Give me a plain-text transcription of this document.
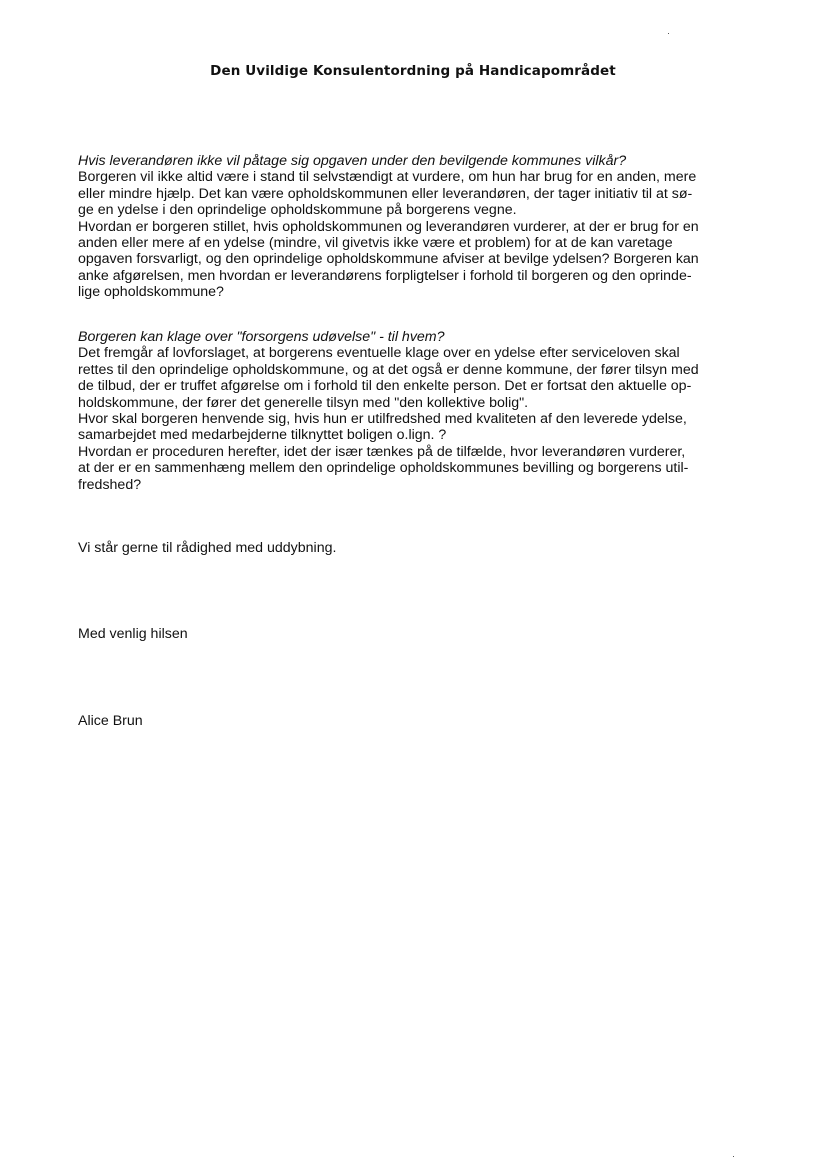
Den Uvildige Konsulentordning på Handicapområdet
Hvis leverandøren ikke vil påtage sig opgaven under den bevilgende kommunes vilkår?
Borgeren vil ikke altid være i stand til selvstændigt at vurdere, om hun har brug for en anden, mere
eller mindre hjælp. Det kan være opholdskommunen eller leverandøren, der tager initiativ til at sø-
ge en ydelse i den oprindelige opholdskommune på borgerens vegne.
Hvordan er borgeren stillet, hvis opholdskommunen og leverandøren vurderer, at der er brug for en
anden eller mere af en ydelse (mindre, vil givetvis ikke være et problem) for at de kan varetage
opgaven forsvarligt, og den oprindelige opholdskommune afviser at bevilge ydelsen? Borgeren kan
anke afgørelsen, men hvordan er leverandørens forpligtelser i forhold til borgeren og den oprinde-
lige opholdskommune?
Borgeren kan klage over "forsorgens udøvelse" - til hvem?
Det fremgår af lovforslaget, at borgerens eventuelle klage over en ydelse efter serviceloven skal
rettes til den oprindelige opholdskommune, og at det også er denne kommune, der fører tilsyn med
de tilbud, der er truffet afgørelse om i forhold til den enkelte person. Det er fortsat den aktuelle op-
holdskommune, der fører det generelle tilsyn med "den kollektive bolig".
Hvor skal borgeren henvende sig, hvis hun er utilfredshed med kvaliteten af den leverede ydelse,
samarbejdet med medarbejderne tilknyttet boligen o.lign. ?
Hvordan er proceduren herefter, idet der især tænkes på de tilfælde, hvor leverandøren vurderer,
at der er en sammenhæng mellem den oprindelige opholdskommunes bevilling og borgerens util-
fredshed?
Vi står gerne til rådighed med uddybning.
Med venlig hilsen
Alice Brun
